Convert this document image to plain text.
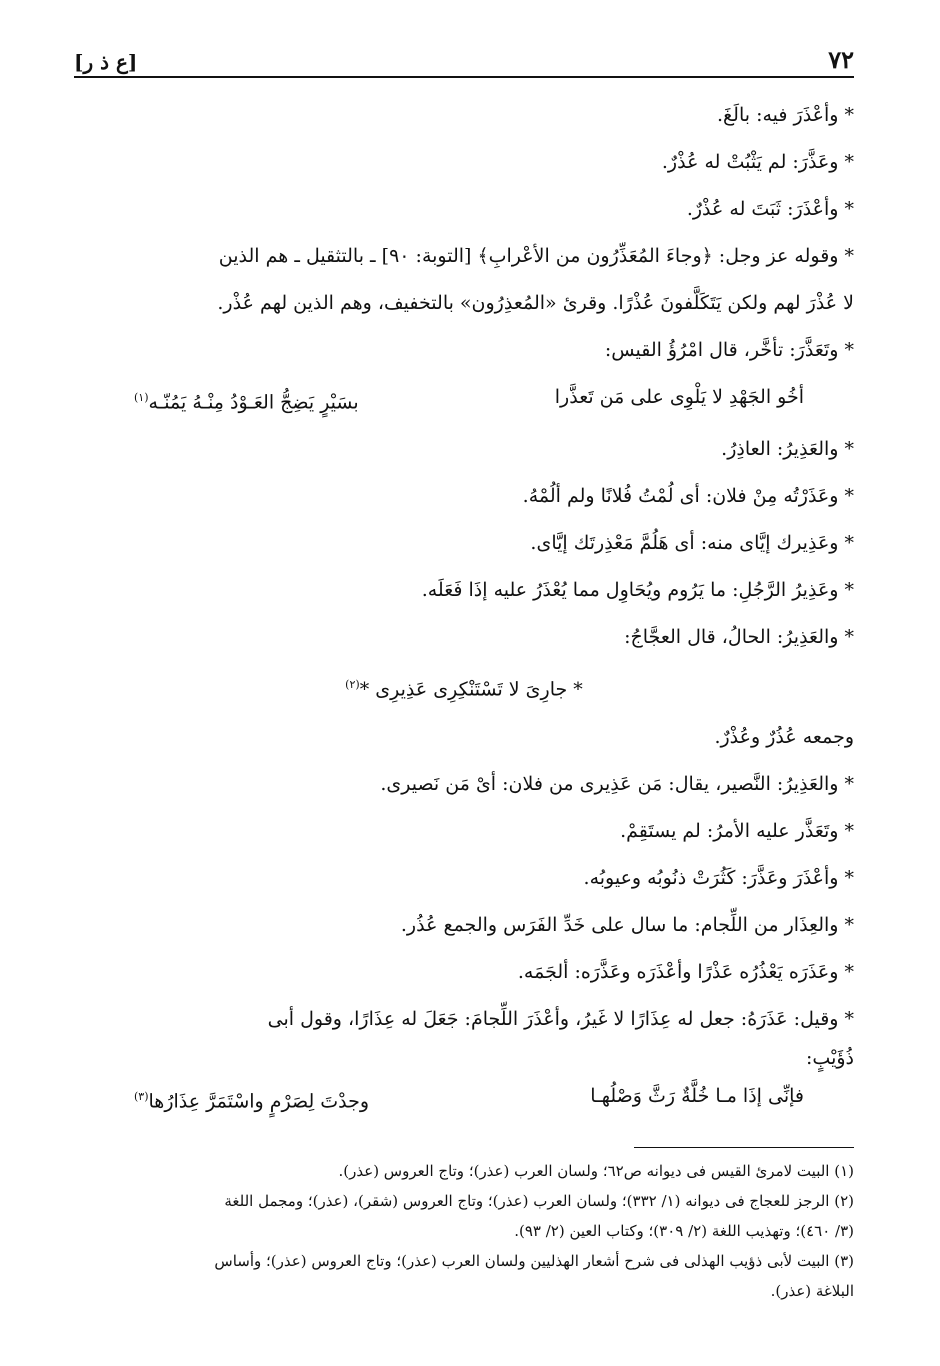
٧٢
[ع ذ ر]
* وأعْذَرَ فيه: بالَغَ.
* وعَذَّرَ: لم يَثْبُتْ له عُذْرٌ.
* وأعْذَرَ: ثَبَتَ له عُذْرٌ.
* وقوله عز وجل: ﴿وجاءَ المُعَذِّرُون من الأعْرابِ﴾ [التوبة: ٩٠] ـ بالتثقيل ـ هم الذين
لا عُذْرَ لهم ولكن يَتَكَلَّفونَ عُذْرًا. وقرئ «المُعذِرُون» بالتخفيف، وهم الذين لهم عُذْر.
* وتَعَذَّرَ: تأخَّر، قال امْرُؤُ القيس:
أخُو الجَهْدِ لا يَلْوِى على مَن تَعذَّرا
بسَيْرٍ يَضِجُّ العَـوْدُ مِنْـهُ يَمُنّـه$^{(١)}$
* والعَذِيرُ: العاذِرُ.
* وعَذَرْتُه مِنْ فلان: أى لُمْتُ فُلانًا ولم ألُمْهُ.
* وعَذِيرك إيَّاى منه: أى هَلُمَّ مَعْذِرتَك إيَّاى.
* وعَذِيرُ الرَّجُلِ: ما يَرُوم ويُحَاوِل مما يُعْذَرُ عليه إذَا فَعَلَه.
* والعَذِيرُ: الحالُ، قال العجَّاجُ:
* جارِىَ لا تَسْتَنْكِرِى عَذِيرِى *$^{(٢)}$
وجمعه عُذُرٌ وعُذْرٌ.
* والعَذِيرُ: النَّصير، يقال: مَن عَذِيرى من فلان: أىْ مَن نَصيرى.
* وتَعَذَّر عليه الأمرُ: لم يستَقِمْ.
* وأعْذَرَ وعَذَّرَ: كَثُرَتْ ذنُوبُه وعيوبُه.
* والعِذَار من اللِّجام: ما سال على خَدِّ الفَرَس والجمع عُذُر.
* وعَذَرَه يَعْذُرُه عَذْرًا وأعْذَرَه وعَذَّرَه: ألجَمَه.
* وقيل: عَذَرَهُ: جعل له عِذَارًا لا غَيرُ، وأعْذَرَ اللِّجامَ: جَعَلَ له عِذَارًا، وقول أبى
ذُؤَيْبٍ:
فإنِّى إذَا مـا خُلَّةٌ رَثَّ وَصْلُهـا
وجدْتَ لِصَرْمٍ واسْتَمَرَّ عِذَارُها$^{(٣)}$
(١) البيت لامرئ القيس فى ديوانه ص٦٢؛ ولسان العرب (عذر)؛ وتاج العروس (عذر).
(٢) الرجز للعجاج فى ديوانه (١/ ٣٣٢)؛ ولسان العرب (عذر)؛ وتاج العروس (شقر)، (عذر)؛ ومجمل اللغة
(٣/ ٤٦٠)؛ وتهذيب اللغة (٢/ ٣٠٩)؛ وكتاب العين (٢/ ٩٣).
(٣) البيت لأبى ذؤيب الهذلى فى شرح أشعار الهذليين ولسان العرب (عذر)؛ وتاج العروس (عذر)؛ وأساس
البلاغة (عذر).
